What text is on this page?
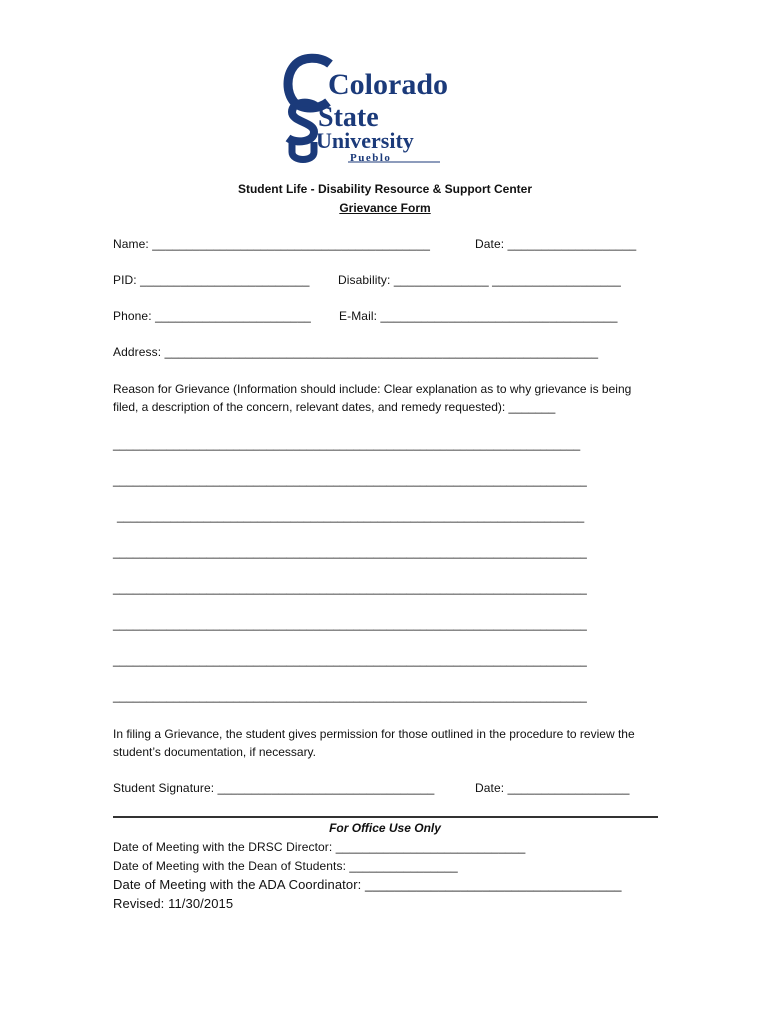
Colorado
State
University
Pueblo
Student Life - Disability Resource & Support Center
Grievance Form
Name: _________________________________________	Date: ___________________
PID: _________________________ Disability: ______________ ___________________
Phone: _______________________ E-Mail: ___________________________________
Address: ________________________________________________________________
Reason for Grievance (Information should include: Clear explanation as to why grievance is being filed, a description of the concern, relevant dates, and remedy requested): _______
______________________________________________________________________
_______________________________________________________________________
______________________________________________________________________
_______________________________________________________________________
_______________________________________________________________________
_______________________________________________________________________
_______________________________________________________________________
_______________________________________________________________________
In filing a Grievance, the student gives permission for those outlined in the procedure to review the student’s documentation, if necessary.
Student Signature: ________________________________	Date: __________________
For Office Use Only
Date of Meeting with the DRSC Director: ____________________________
Date of Meeting with the Dean of Students: ________________
Date of Meeting with the ADA Coordinator: ___________________________________
Revised: 11/30/2015
